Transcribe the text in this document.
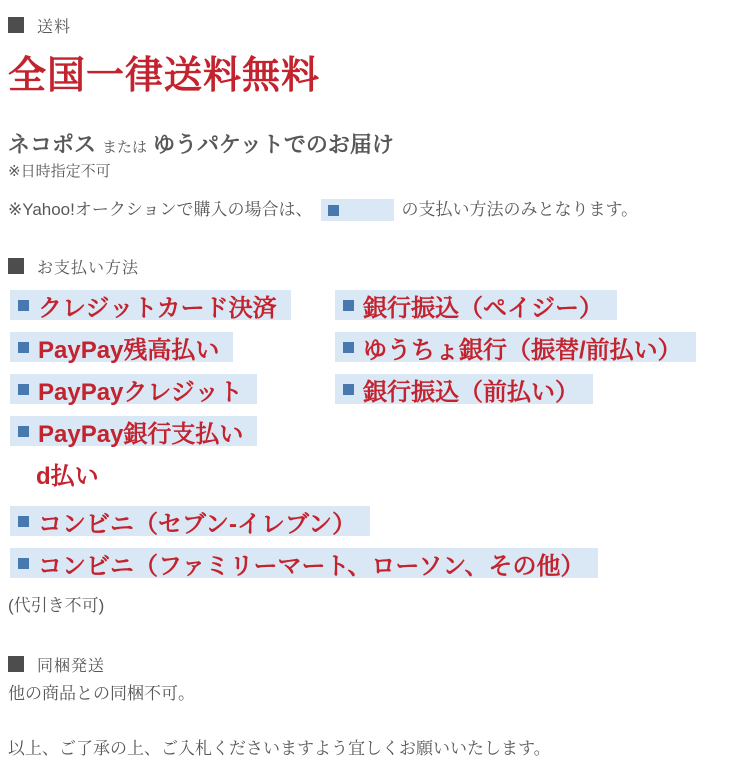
送料
全国一律送料無料
ネコポス または ゆうパケットでのお届け
※日時指定不可
※Yahoo!オークションで購入の場合は、	の支払い方法のみとなります。
お支払い方法
クレジットカード決済
PayPay残高払い
PayPayクレジット
PayPay銀行支払い
銀行振込（ペイジー）
ゆうちょ銀行（振替/前払い）
銀行振込（前払い）
d払い
コンビニ（セブン-イレブン）
コンビニ（ファミリーマート、ローソン、その他）
(代引き不可)
同梱発送
他の商品との同梱不可。
以上、ご了承の上、ご入札くださいますよう宜しくお願いいたします。
